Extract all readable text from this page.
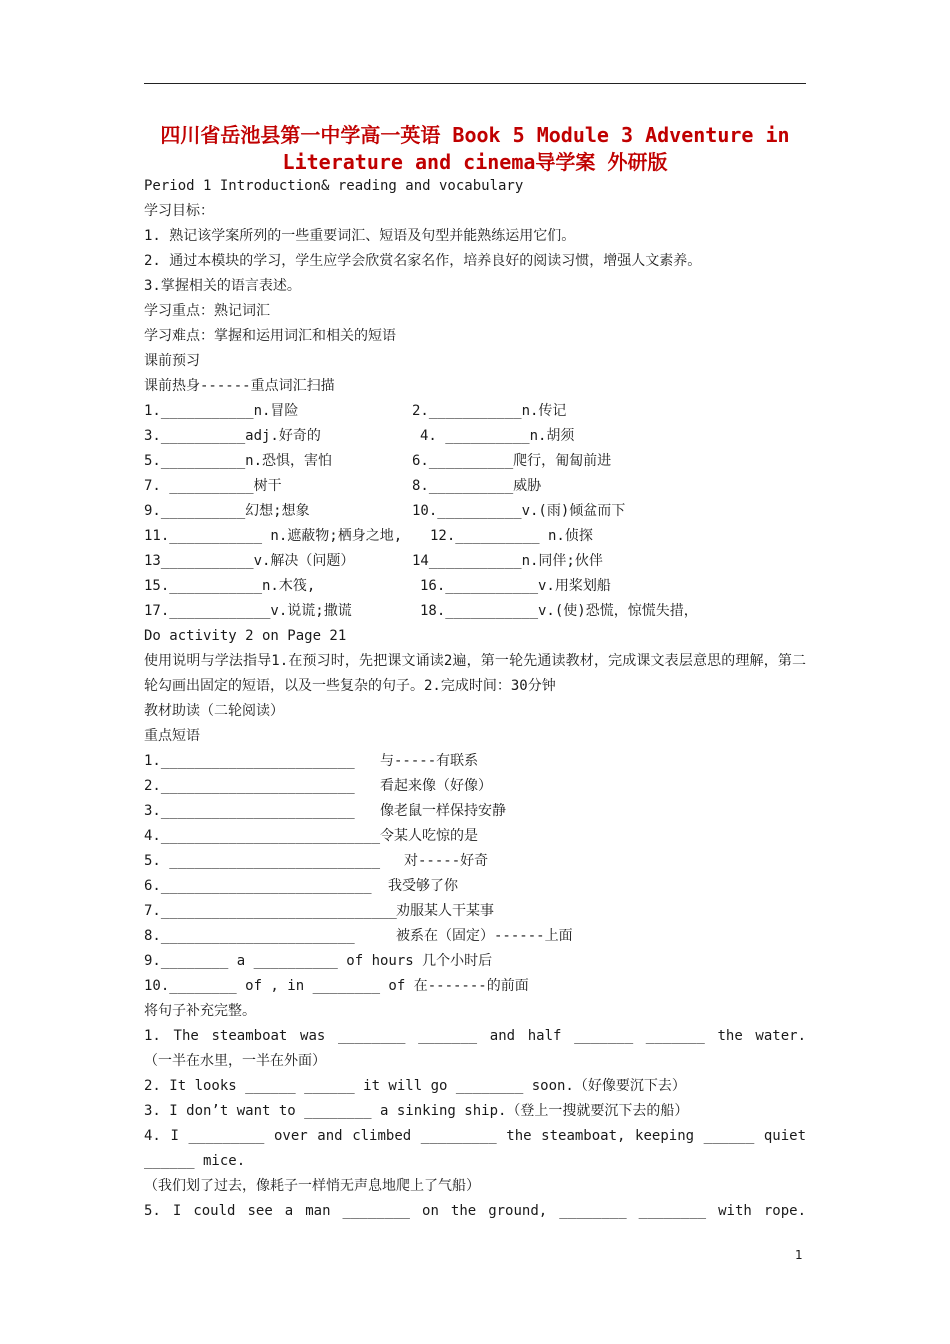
四川省岳池县第一中学高一英语 Book 5 Module 3 Adventure in
Literature and cinema导学案 外研版
Period 1 Introduction& reading and vocabulary
学习目标：
1. 熟记该学案所列的一些重要词汇、短语及句型并能熟练运用它们。
2. 通过本模块的学习，学生应学会欣赏名家名作，培养良好的阅读习惯，增强人文素养。
3.掌握相关的语言表述。
学习重点：熟记词汇
学习难点：掌握和运用词汇和相关的短语
课前预习
课前热身------重点词汇扫描
1.___________n.冒险	2.___________n.传记
3.__________adj.好奇的	4. __________n.胡须
5.__________n.恐惧，害怕	6.__________爬行，匍匐前进
7. __________树干	8.__________威胁
9.__________幻想;想象	10.__________v.(雨)倾盆而下
11.___________ n.遮蔽物;栖身之地, 12.__________ n.侦探
13___________v.解决（问题）	14___________n.同伴;伙伴
15.___________n.木筏,	16.___________v.用桨划船
17.____________v.说谎;撒谎	18.___________v.(使)恐慌，惊慌失措，
Do activity 2 on Page 21
使用说明与学法指导1.在预习时，先把课文诵读2遍，第一轮先通读教材，完成课文表层意思的理解，第二轮勾画出固定的短语，以及一些复杂的句子。2.完成时间：30分钟
教材助读（二轮阅读）
重点短语
1._______________________ 与-----有联系
2._______________________ 看起来像（好像）
3._______________________ 像老鼠一样保持安静
4.__________________________ 令某人吃惊的是
5. _________________________ 对-----好奇
6._________________________ 我受够了你
7.____________________________ 劝服某人干某事
8._______________________	被系在（固定）------上面
9.________ a __________ of hours 几个小时后
10.________ of , in ________ of 在-------的前面
将句子补充完整。
1. The steamboat was ________ _______ and half _______ _______ the water.
（一半在水里，一半在外面）
2. It looks ______ ______ it will go ________ soon.（好像要沉下去）
3. I don’t want to ________ a sinking ship.（登上一搜就要沉下去的船）
4. I _________ over and climbed _________ the steamboat, keeping ______ quiet
______ mice.
（我们划了过去，像耗子一样悄无声息地爬上了气船）
5. I could see a man ________ on the ground, ________ ________ with rope.
1
